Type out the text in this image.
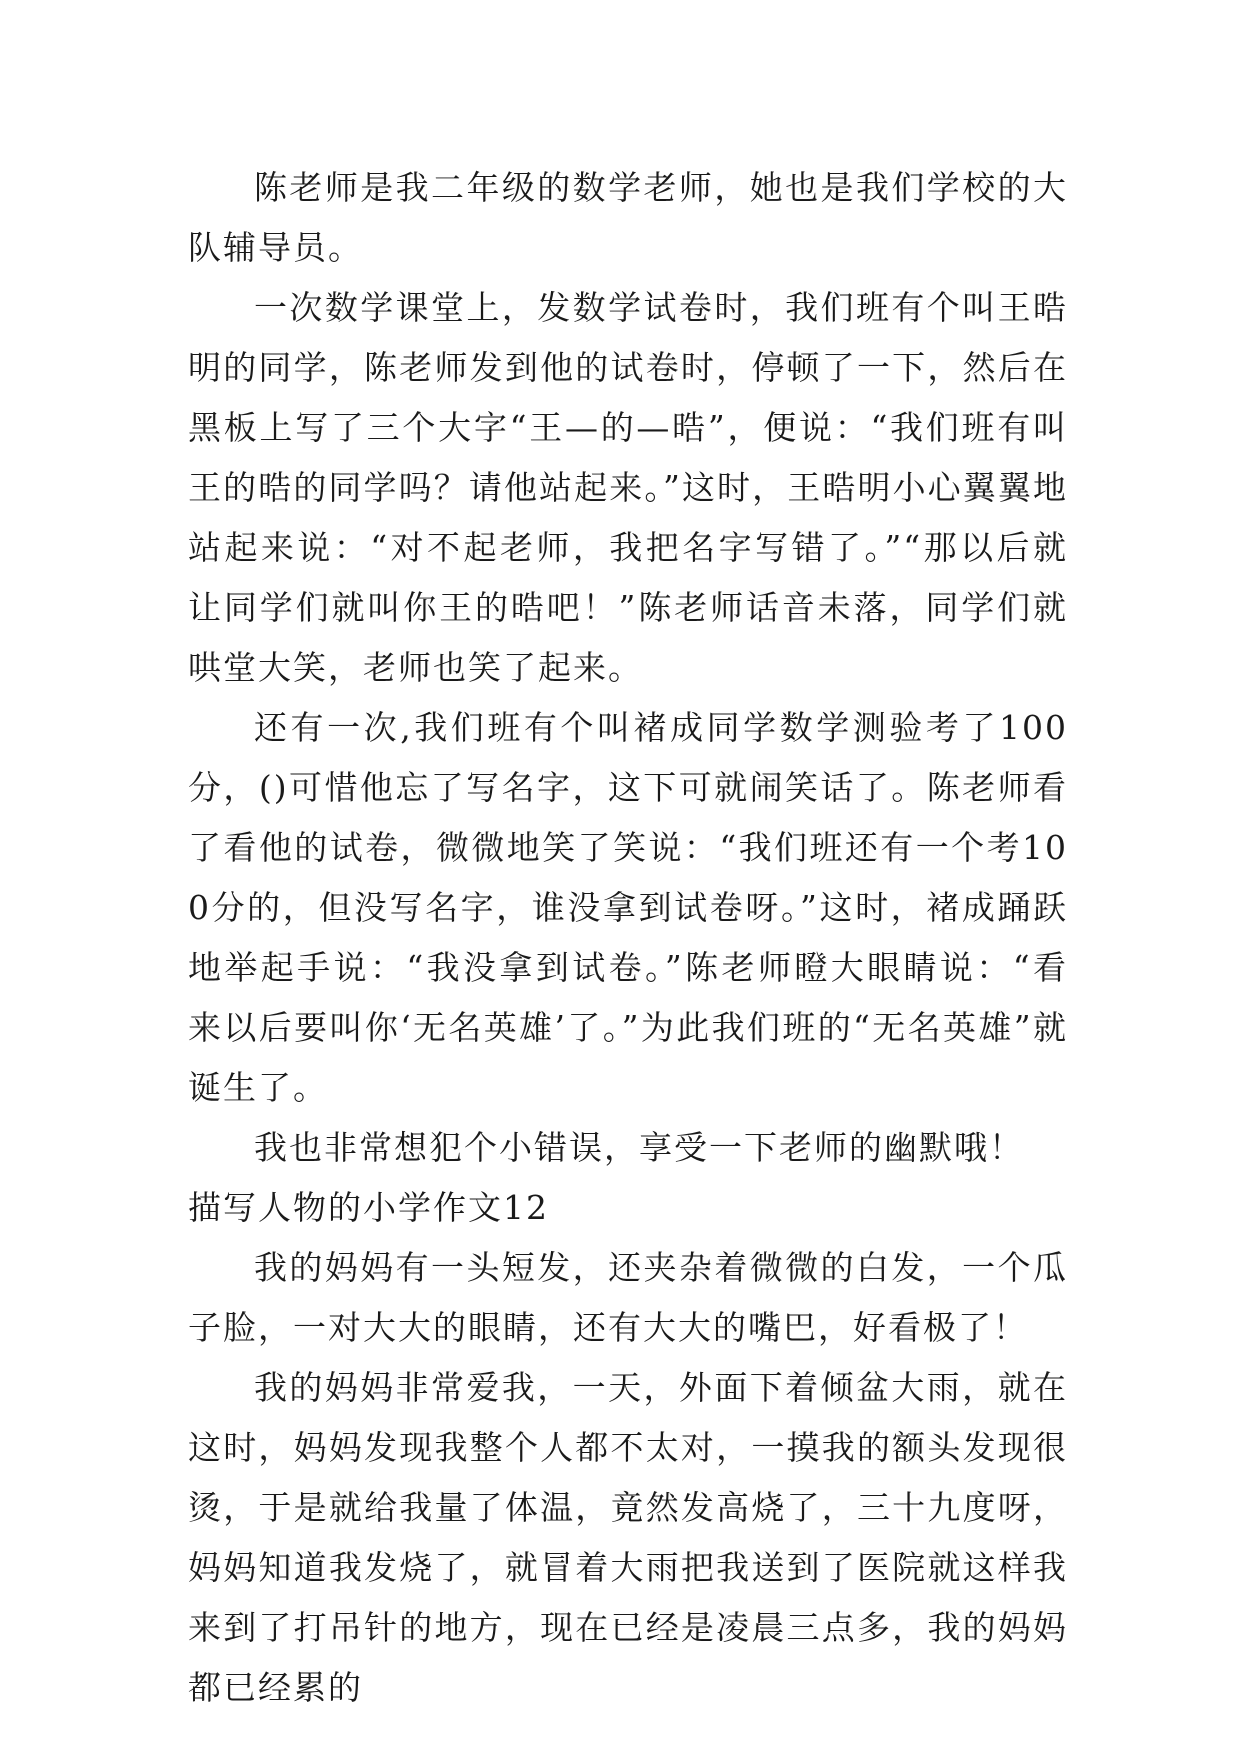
陈老师是我二年级的数学老师，她也是我们学校的大队辅导员。

一次数学课堂上，发数学试卷时，我们班有个叫王晧明的同学，陈老师发到他的试卷时，停顿了一下，然后在黑板上写了三个大字“王—的—晧”，便说：“我们班有叫王的晧的同学吗？请他站起来。”这时，王晧明小心翼翼地站起来说：“对不起老师，我把名字写错了。”“那以后就让同学们就叫你王的晧吧！”陈老师话音未落，同学们就哄堂大笑，老师也笑了起来。

还有一次,我们班有个叫褚成同学数学测验考了100分，()可惜他忘了写名字，这下可就闹笑话了。陈老师看了看他的试卷，微微地笑了笑说：“我们班还有一个考100分的，但没写名字，谁没拿到试卷呀。”这时，褚成踊跃地举起手说：“我没拿到试卷。”陈老师瞪大眼睛说：“看来以后要叫你‘无名英雄’了。”为此我们班的“无名英雄”就诞生了。

我也非常想犯个小错误，享受一下老师的幽默哦！

描写人物的小学作文12

我的妈妈有一头短发，还夹杂着微微的白发，一个瓜子脸，一对大大的眼睛，还有大大的嘴巴，好看极了！

我的妈妈非常爱我，一天，外面下着倾盆大雨，就在这时，妈妈发现我整个人都不太对，一摸我的额头发现很烫，于是就给我量了体温，竟然发高烧了，三十九度呀，妈妈知道我发烧了，就冒着大雨把我送到了医院就这样我来到了打吊针的地方，现在已经是凌晨三点多，我的妈妈都已经累的
